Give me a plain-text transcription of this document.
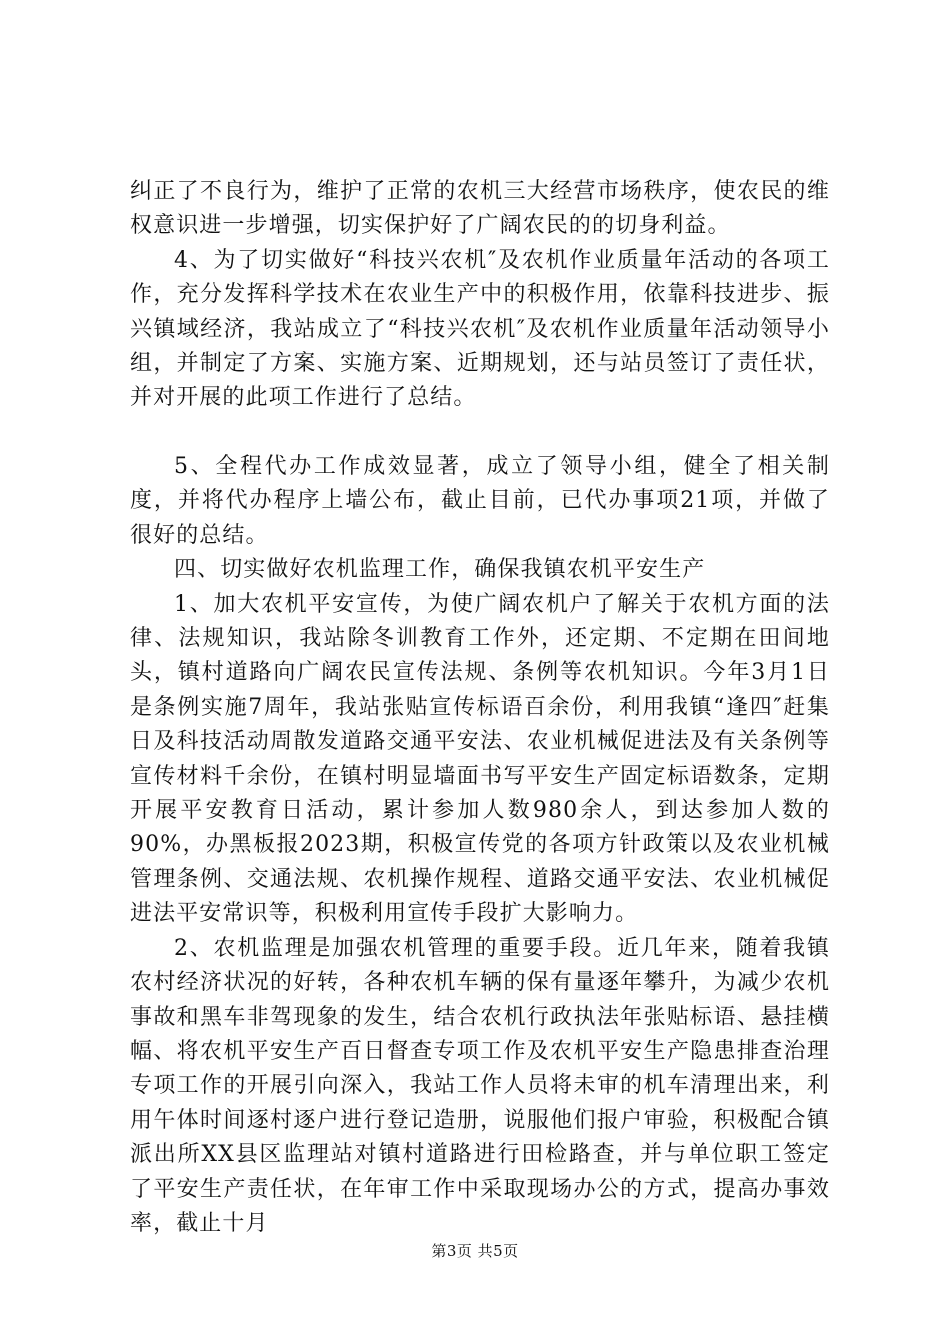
纠正了不良行为，维护了正常的农机三大经营市场秩序，使农民的维权意识进一步增强，切实保护好了广阔农民的的切身利益。

4、为了切实做好“科技兴农机″及农机作业质量年活动的各项工作，充分发挥科学技术在农业生产中的积极作用，依靠科技进步、振兴镇域经济，我站成立了“科技兴农机″及农机作业质量年活动领导小组，并制定了方案、实施方案、近期规划，还与站员签订了责任状，并对开展的此项工作进行了总结。

5、全程代办工作成效显著，成立了领导小组，健全了相关制度，并将代办程序上墙公布，截止目前，已代办事项21项，并做了很好的总结。

四、切实做好农机监理工作，确保我镇农机平安生产

1、加大农机平安宣传，为使广阔农机户了解关于农机方面的法律、法规知识，我站除冬训教育工作外，还定期、不定期在田间地头，镇村道路向广阔农民宣传法规、条例等农机知识。今年3月1日是条例实施7周年，我站张贴宣传标语百余份，利用我镇“逢四″赶集日及科技活动周散发道路交通平安法、农业机械促进法及有关条例等宣传材料千余份，在镇村明显墙面书写平安生产固定标语数条，定期开展平安教育日活动，累计参加人数980余人，到达参加人数的90%，办黑板报2023期，积极宣传党的各项方针政策以及农业机械管理条例、交通法规、农机操作规程、道路交通平安法、农业机械促进法平安常识等，积极利用宣传手段扩大影响力。

2、农机监理是加强农机管理的重要手段。近几年来，随着我镇农村经济状况的好转，各种农机车辆的保有量逐年攀升，为减少农机事故和黑车非驾现象的发生，结合农机行政执法年张贴标语、悬挂横幅、将农机平安生产百日督查专项工作及农机平安生产隐患排查治理专项工作的开展引向深入，我站工作人员将未审的机车清理出来，利用午体时间逐村逐户进行登记造册，说服他们报户审验，积极配合镇派出所XX县区监理站对镇村道路进行田检路查，并与单位职工签定了平安生产责任状，在年审工作中采取现场办公的方式，提高办事效率，截止十月

第3页 共5页
